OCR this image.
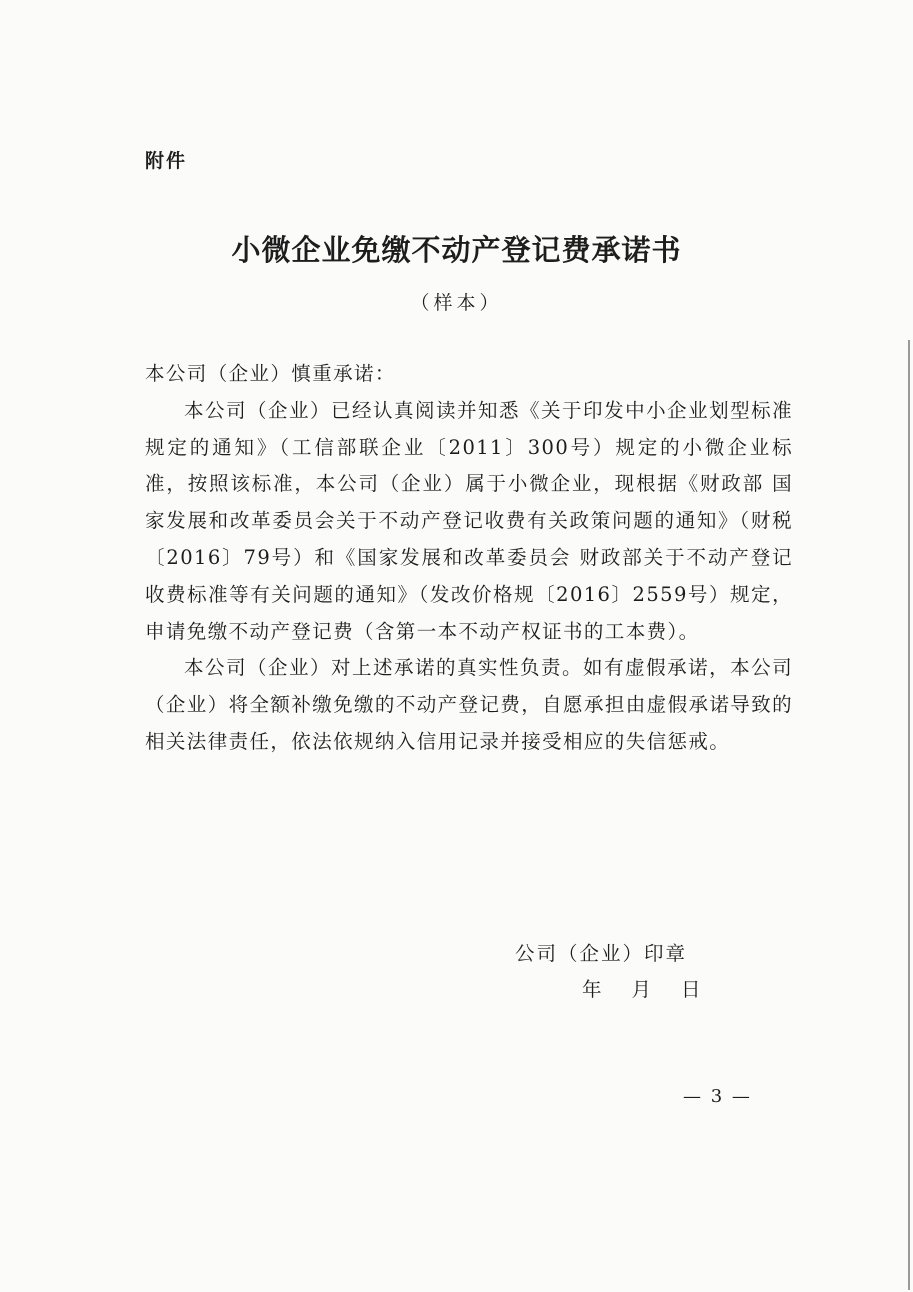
附件
小微企业免缴不动产登记费承诺书
（样本）

本公司（企业）慎重承诺：

本公司（企业）已经认真阅读并知悉《关于印发中小企业划型标准规定的通知》（工信部联企业〔2011〕300号）规定的小微企业标准，按照该标准，本公司（企业）属于小微企业，现根据《财政部 国家发展和改革委员会关于不动产登记收费有关政策问题的通知》（财税〔2016〕79号）和《国家发展和改革委员会 财政部关于不动产登记收费标准等有关问题的通知》（发改价格规〔2016〕2559号）规定，申请免缴不动产登记费（含第一本不动产权证书的工本费）。

本公司（企业）对上述承诺的真实性负责。如有虚假承诺，本公司（企业）将全额补缴免缴的不动产登记费，自愿承担由虚假承诺导致的相关法律责任，依法依规纳入信用记录并接受相应的失信惩戒。

公司（企业）印章
年 月 日
— 3 —
